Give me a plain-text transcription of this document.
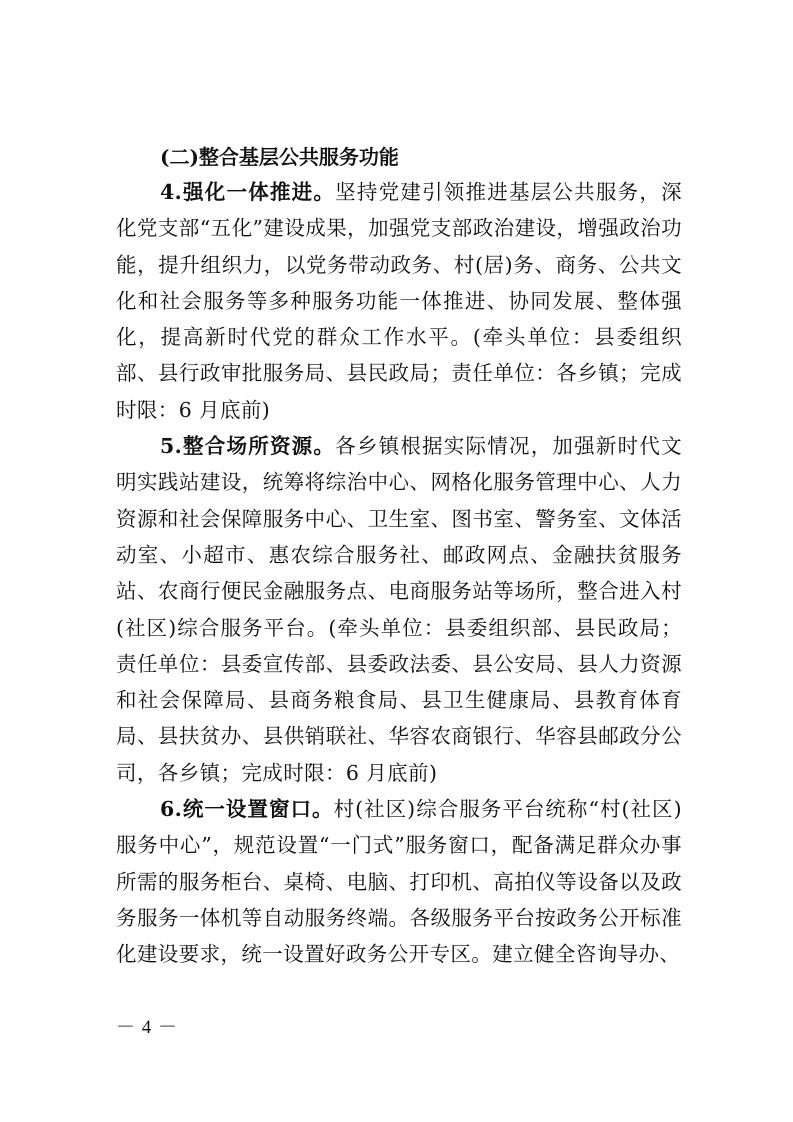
(二)整合基层公共服务功能

4.强化一体推进。坚持党建引领推进基层公共服务，深化党支部“五化”建设成果，加强党支部政治建设，增强政治功能，提升组织力，以党务带动政务、村(居)务、商务、公共文化和社会服务等多种服务功能一体推进、协同发展、整体强化，提高新时代党的群众工作水平。(牵头单位：县委组织部、县行政审批服务局、县民政局；责任单位：各乡镇；完成时限：6 月底前)

5.整合场所资源。各乡镇根据实际情况，加强新时代文明实践站建设，统筹将综治中心、网格化服务管理中心、人力资源和社会保障服务中心、卫生室、图书室、警务室、文体活动室、小超市、惠农综合服务社、邮政网点、金融扶贫服务站、农商行便民金融服务点、电商服务站等场所，整合进入村(社区)综合服务平台。(牵头单位：县委组织部、县民政局；责任单位：县委宣传部、县委政法委、县公安局、县人力资源和社会保障局、县商务粮食局、县卫生健康局、县教育体育局、县扶贫办、县供销联社、华容农商银行、华容县邮政分公司，各乡镇；完成时限：6 月底前)

6.统一设置窗口。村(社区)综合服务平台统称“村(社区)服务中心”，规范设置“一门式”服务窗口，配备满足群众办事所需的服务柜台、桌椅、电脑、打印机、高拍仪等设备以及政务服务一体机等自动服务终端。各级服务平台按政务公开标准化建设要求，统一设置好政务公开专区。建立健全咨询导办、

－ 4 －
